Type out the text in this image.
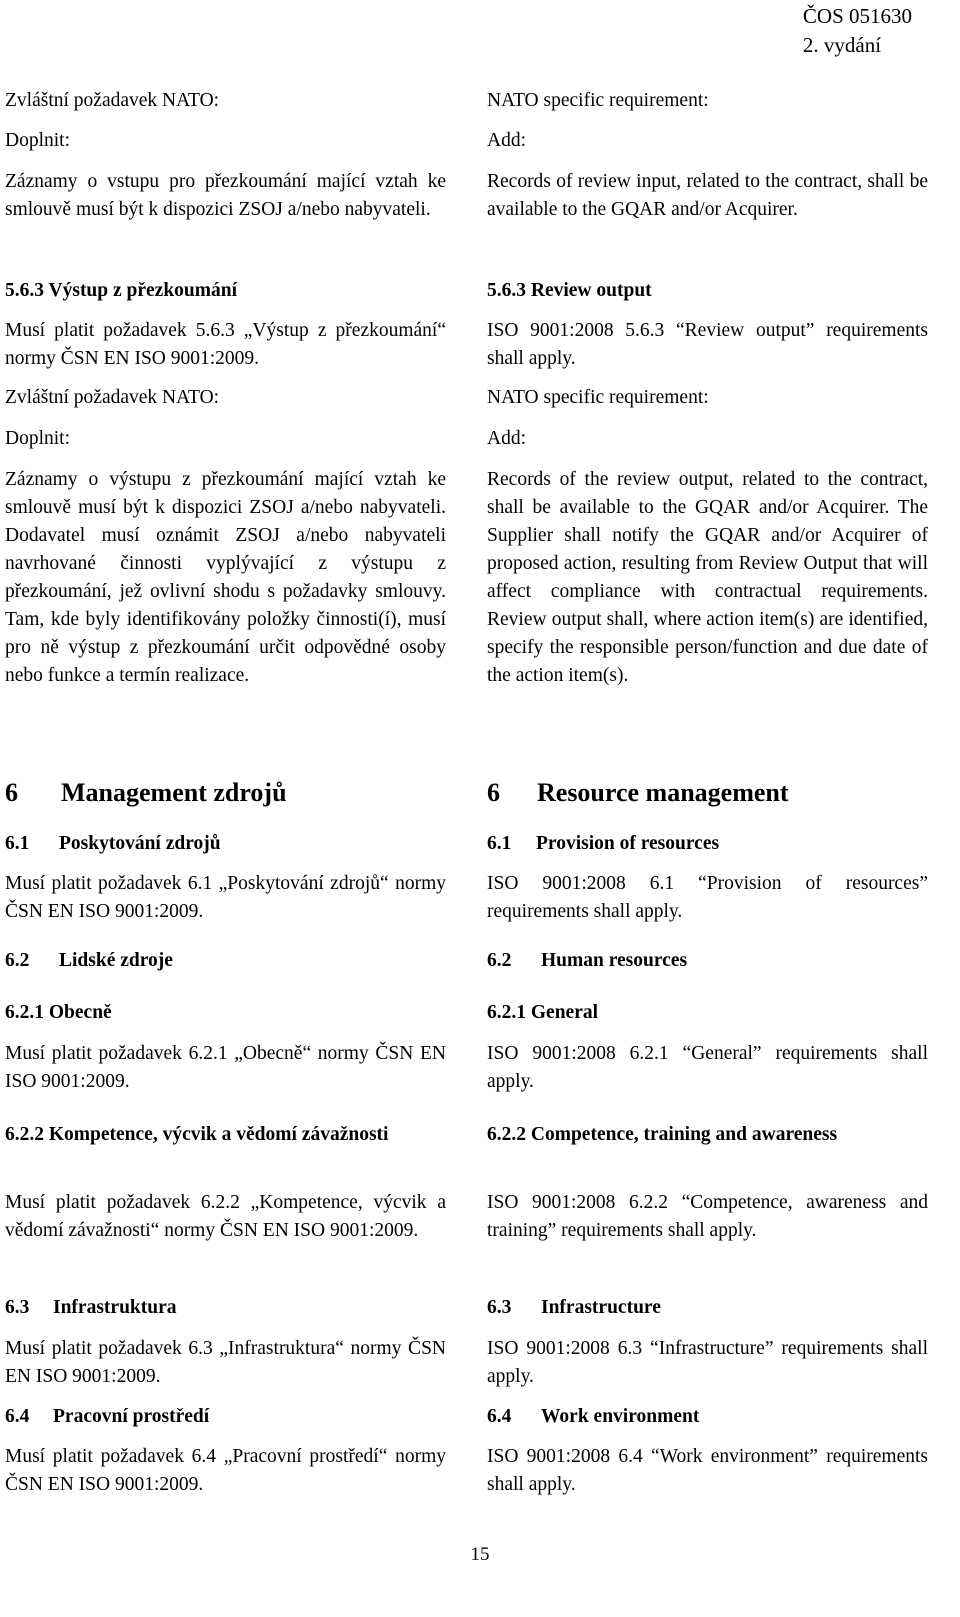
ČOS 051630
2. vydání

Zvláštní požadavek NATO:

Doplnit:

Záznamy o vstupu pro přezkoumání mající vztah ke smlouvě musí být k dispozici ZSOJ a/nebo nabyvateli.

5.6.3 Výstup z přezkoumání

Musí platit požadavek 5.6.3 „Výstup z přezkoumání“ normy ČSN EN ISO 9001:2009.

Zvláštní požadavek NATO:

Doplnit:

Záznamy o výstupu z přezkoumání mající vztah ke smlouvě musí být k dispozici ZSOJ a/nebo nabyvateli. Dodavatel musí oznámit ZSOJ a/nebo nabyvateli navrhované činnosti vyplývající z výstupu z přezkoumání, jež ovlivní shodu s požadavky smlouvy. Tam, kde byly identifikovány položky činnosti(í), musí pro ně výstup z přezkoumání určit odpovědné osoby nebo funkce a termín realizace.

6 Management zdrojů

6.1 Poskytování zdrojů

Musí platit požadavek 6.1 „Poskytování zdrojů“ normy ČSN EN ISO 9001:2009.

6.2 Lidské zdroje

6.2.1 Obecně

Musí platit požadavek 6.2.1 „Obecně“ normy ČSN EN ISO 9001:2009.

6.2.2 Kompetence, výcvik a vědomí závažnosti

Musí platit požadavek 6.2.2 „Kompetence, výcvik a vědomí závažnosti“ normy ČSN EN ISO 9001:2009.

6.3 Infrastruktura

Musí platit požadavek 6.3 „Infrastruktura“ normy ČSN EN ISO 9001:2009.

6.4 Pracovní prostředí

Musí platit požadavek 6.4 „Pracovní prostředí“ normy ČSN EN ISO 9001:2009.

NATO specific requirement:

Add:

Records of review input, related to the contract, shall be available to the GQAR and/or Acquirer.

5.6.3 Review output

ISO 9001:2008 5.6.3 “Review output” requirements shall apply.

NATO specific requirement:

Add:

Records of the review output, related to the contract, shall be available to the GQAR and/or Acquirer. The Supplier shall notify the GQAR and/or Acquirer of proposed action, resulting from Review Output that will affect compliance with contractual requirements. Review output shall, where action item(s) are identified, specify the responsible person/function and due date of the action item(s).

6 Resource management

6.1 Provision of resources

ISO 9001:2008 6.1 “Provision of resources” requirements shall apply.

6.2 Human resources

6.2.1 General

ISO 9001:2008 6.2.1 “General” requirements shall apply.

6.2.2 Competence, training and awareness

ISO 9001:2008 6.2.2 “Competence, awareness and training” requirements shall apply.

6.3 Infrastructure

ISO 9001:2008 6.3 “Infrastructure” requirements shall apply.

6.4 Work environment

ISO 9001:2008 6.4 “Work environment” requirements shall apply.

15
